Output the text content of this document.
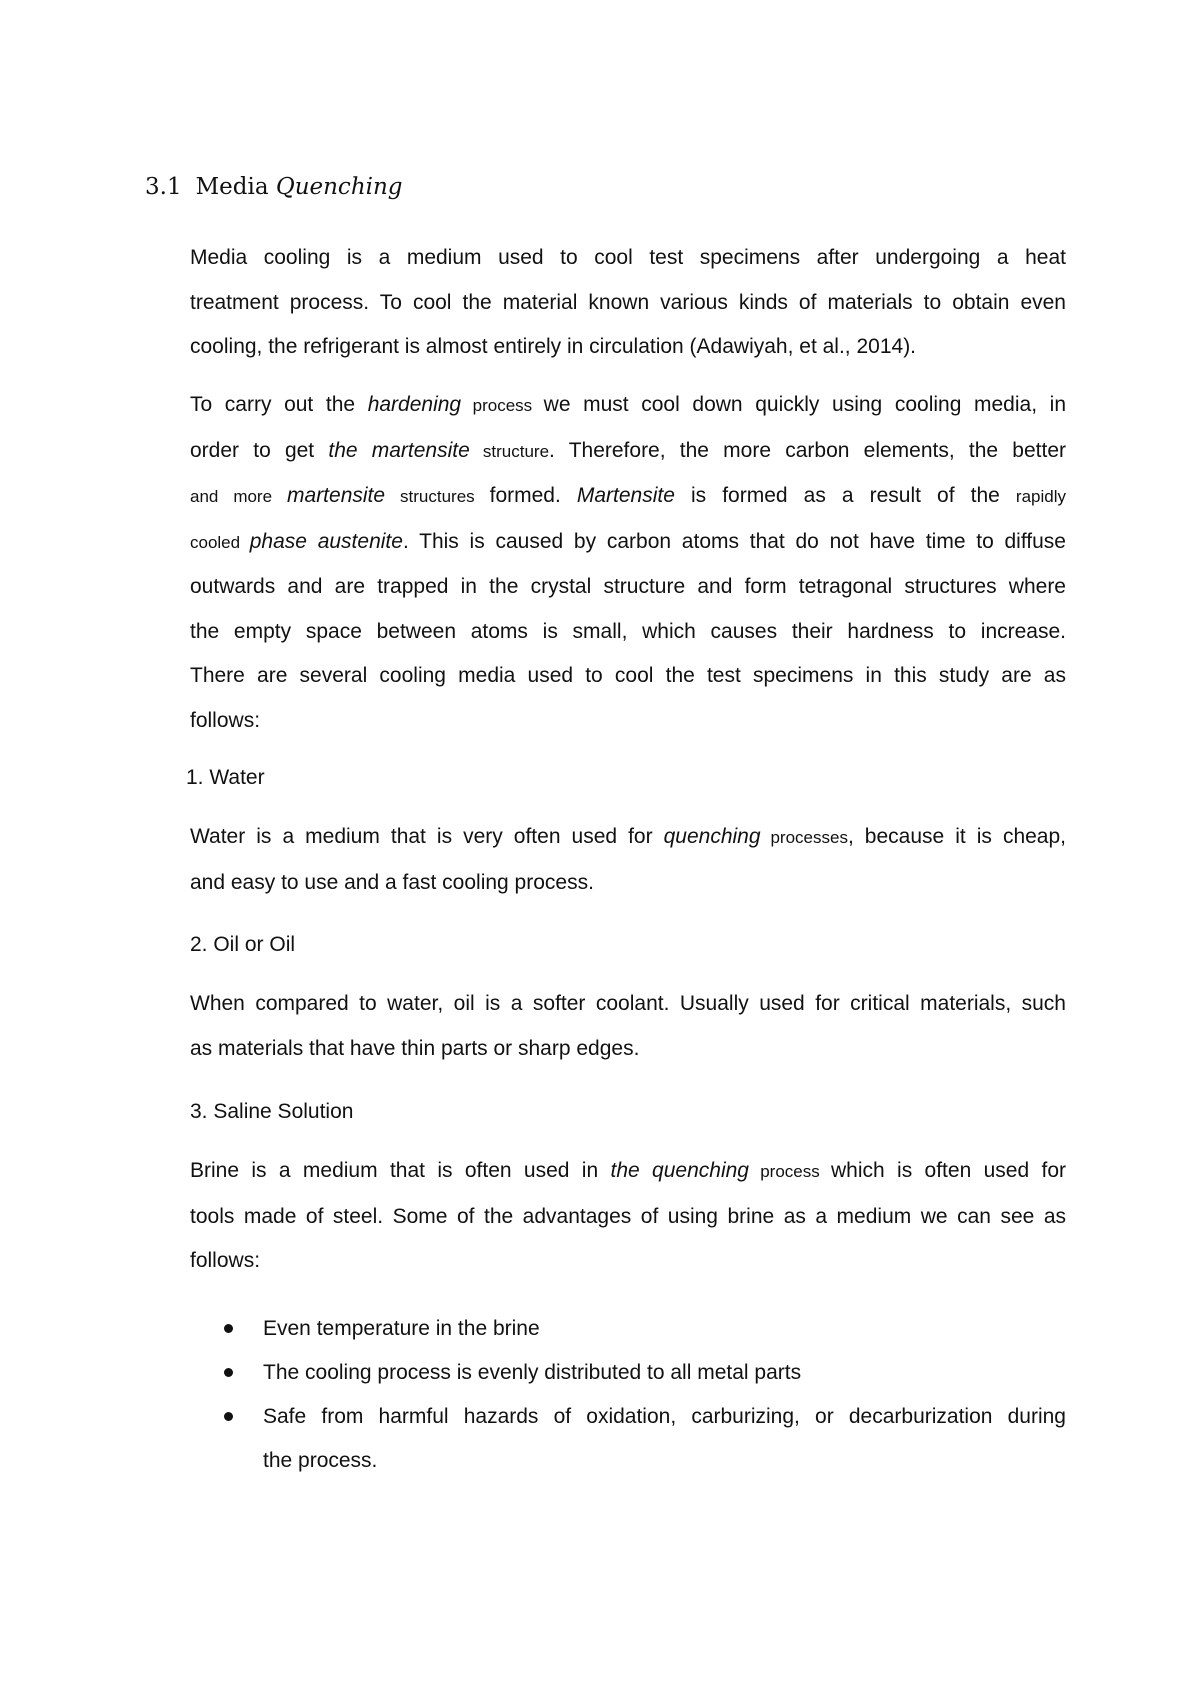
3.1 Media Quenching
Media cooling is a medium used to cool test specimens after undergoing a heat
treatment process. To cool the material known various kinds of materials to obtain even
cooling, the refrigerant is almost entirely in circulation (Adawiyah, et al., 2014).
To carry out the hardening process we must cool down quickly using cooling media, in
order to get the martensite structure. Therefore, the more carbon elements, the better
and more martensite structures formed. Martensite is formed as a result of the rapidly
cooled phase austenite. This is caused by carbon atoms that do not have time to diffuse
outwards and are trapped in the crystal structure and form tetragonal structures where
the empty space between atoms is small, which causes their hardness to increase.
There are several cooling media used to cool the test specimens in this study are as
follows:
1. Water
Water is a medium that is very often used for quenching processes, because it is cheap,
and easy to use and a fast cooling process.
2. Oil or Oil
When compared to water, oil is a softer coolant. Usually used for critical materials, such
as materials that have thin parts or sharp edges.
3. Saline Solution
Brine is a medium that is often used in the quenching process which is often used for
tools made of steel. Some of the advantages of using brine as a medium we can see as
follows:
Even temperature in the brine
The cooling process is evenly distributed to all metal parts
Safe from harmful hazards of oxidation, carburizing, or decarburization during
the process.
